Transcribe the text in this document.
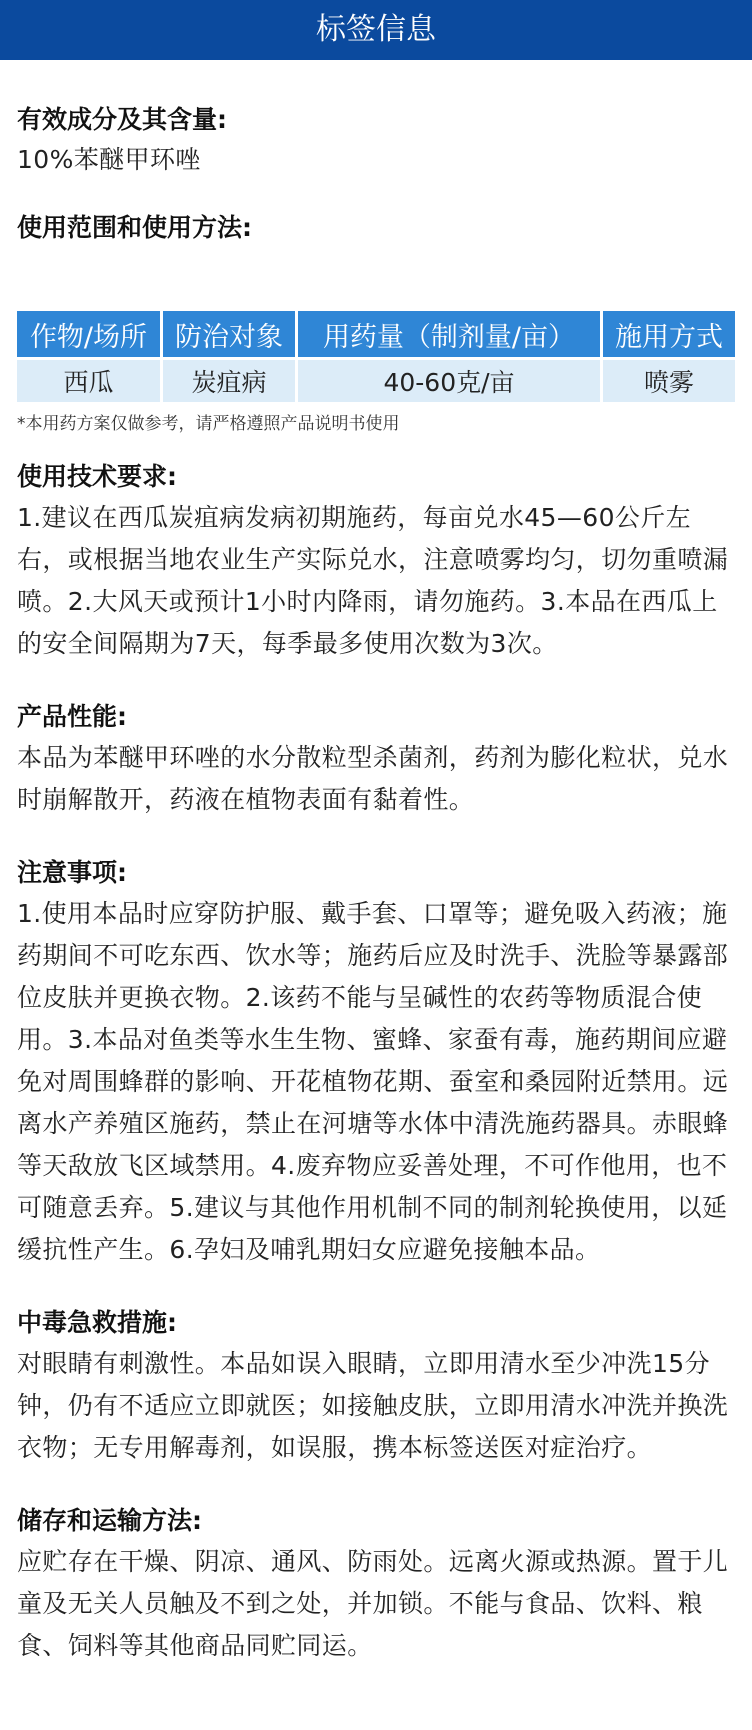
标签信息
有效成分及其含量:
10%苯醚甲环唑
使用范围和使用方法:
作物/场所	防治对象	用药量（制剂量/亩）	施用方式
西瓜	炭疽病	40-60克/亩	喷雾
*本用药方案仅做参考，请严格遵照产品说明书使用
使用技术要求:
1.建议在西瓜炭疽病发病初期施药，每亩兑水45—60公斤左右，或根据当地农业生产实际兑水，注意喷雾均匀，切勿重喷漏喷。2.大风天或预计1小时内降雨，请勿施药。3.本品在西瓜上的安全间隔期为7天，每季最多使用次数为3次。
产品性能:
本品为苯醚甲环唑的水分散粒型杀菌剂，药剂为膨化粒状，兑水时崩解散开，药液在植物表面有黏着性。
注意事项:
1.使用本品时应穿防护服、戴手套、口罩等；避免吸入药液；施药期间不可吃东西、饮水等；施药后应及时洗手、洗脸等暴露部位皮肤并更换衣物。2.该药不能与呈碱性的农药等物质混合使用。3.本品对鱼类等水生生物、蜜蜂、家蚕有毒，施药期间应避免对周围蜂群的影响、开花植物花期、蚕室和桑园附近禁用。远离水产养殖区施药，禁止在河塘等水体中清洗施药器具。赤眼蜂等天敌放飞区域禁用。4.废弃物应妥善处理，不可作他用，也不可随意丢弃。5.建议与其他作用机制不同的制剂轮换使用，以延缓抗性产生。6.孕妇及哺乳期妇女应避免接触本品。
中毒急救措施:
对眼睛有刺激性。本品如误入眼睛，立即用清水至少冲洗15分钟，仍有不适应立即就医；如接触皮肤，立即用清水冲洗并换洗衣物；无专用解毒剂，如误服，携本标签送医对症治疗。
储存和运输方法:
应贮存在干燥、阴凉、通风、防雨处。远离火源或热源。置于儿童及无关人员触及不到之处，并加锁。不能与食品、饮料、粮食、饲料等其他商品同贮同运。
